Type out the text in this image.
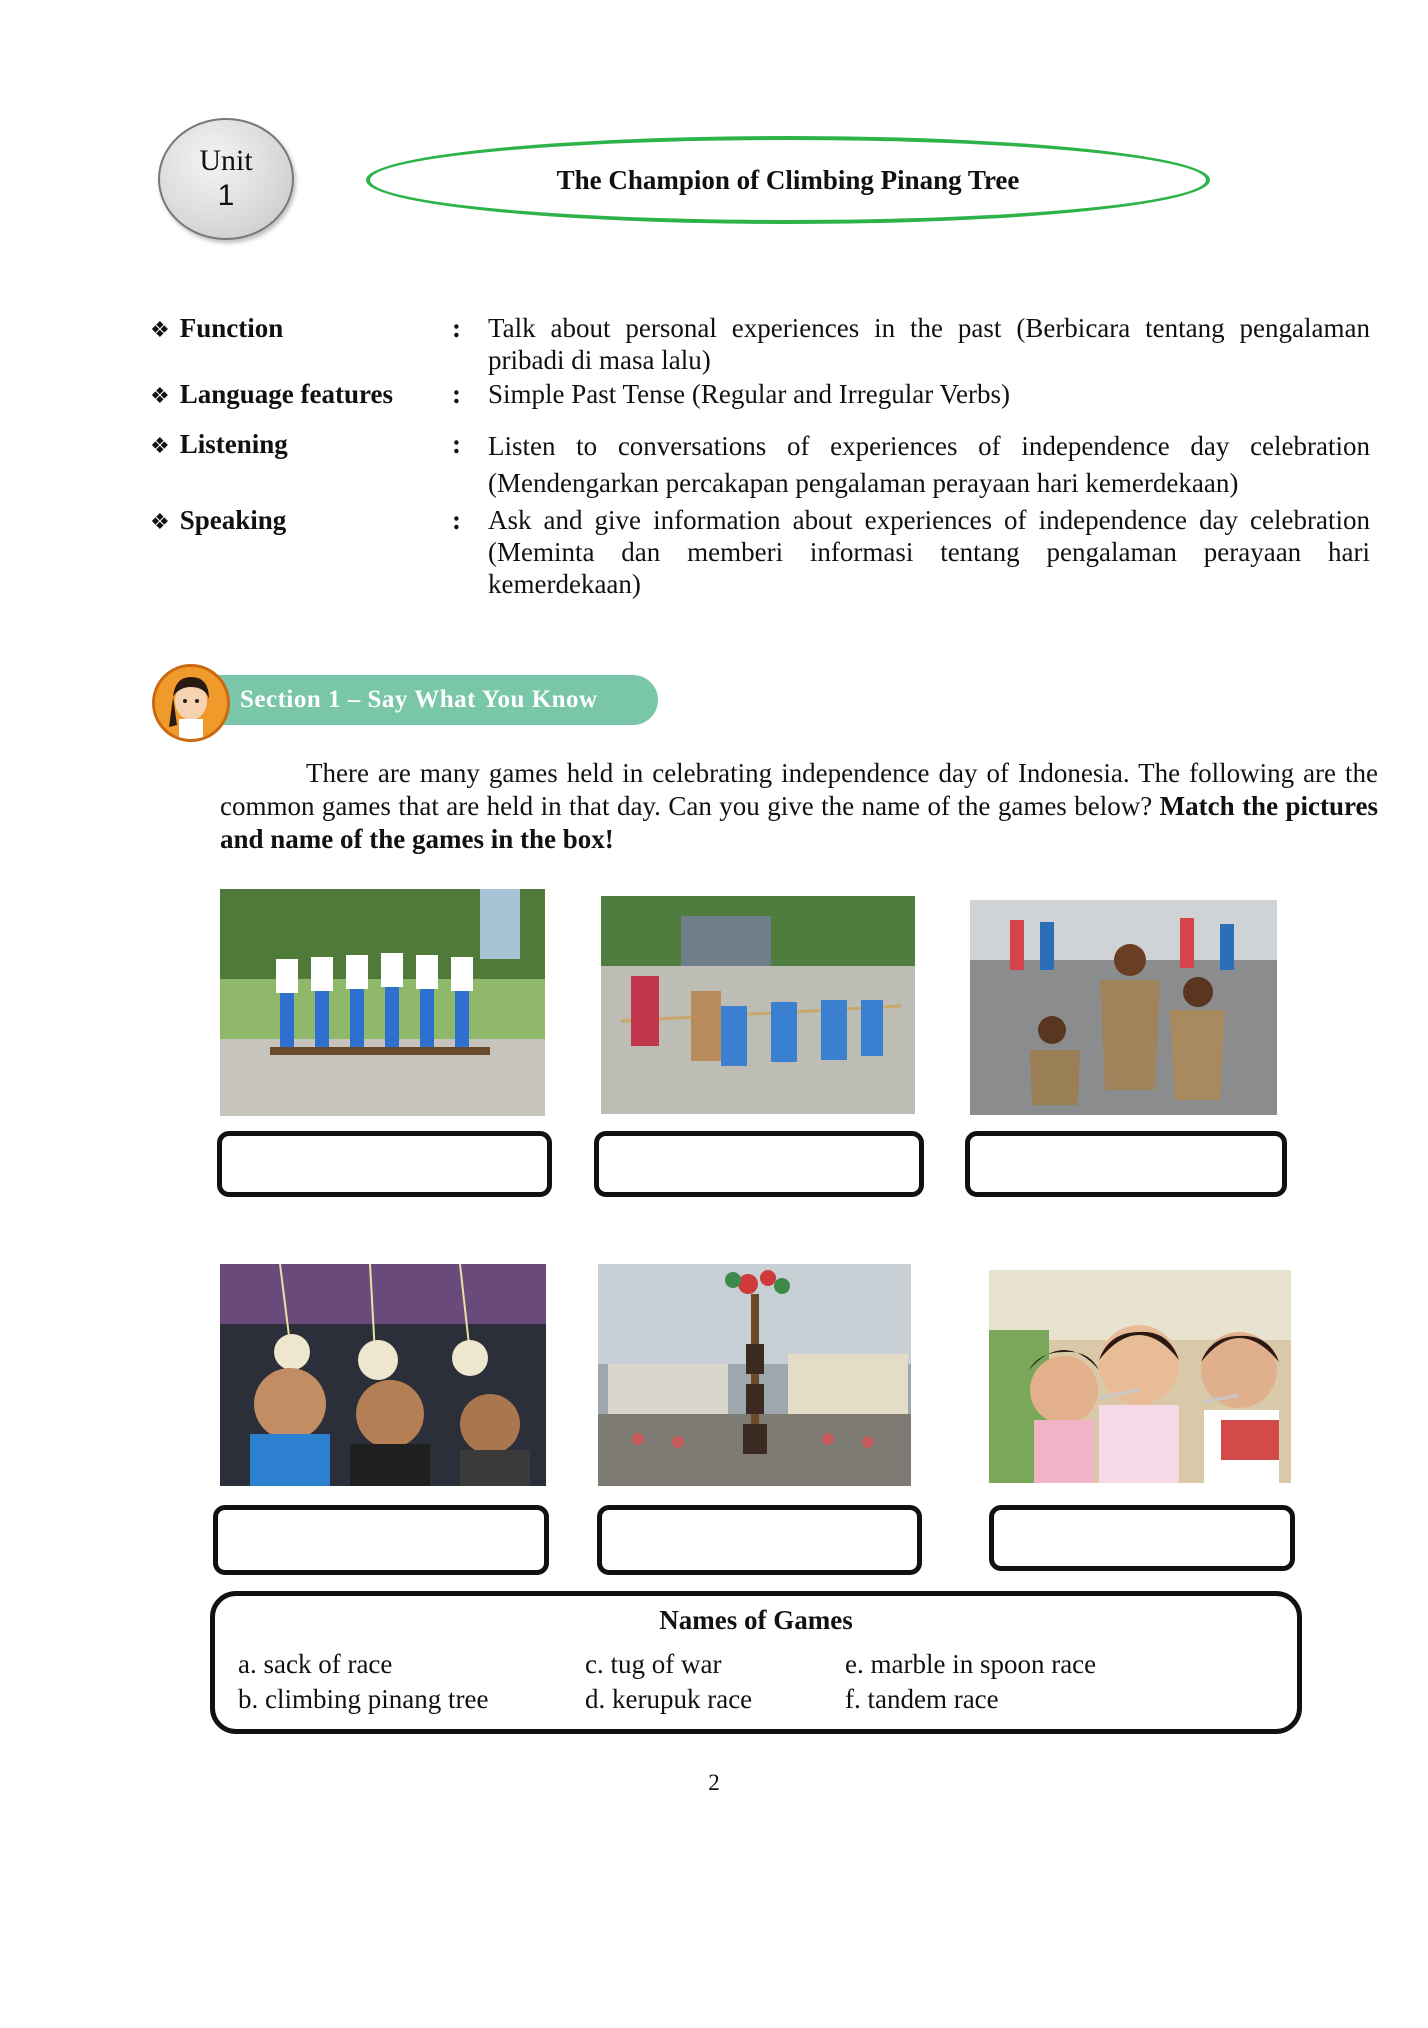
Unit
1	The Champion of Climbing Pinang Tree
❖ Function	: Talk about personal experiences in the past (Berbicara tentang pengalaman pribadi di masa lalu)
❖ Language features : Simple Past Tense (Regular and Irregular Verbs)
❖ Listening	: Listen to conversations of experiences of independence day celebration (Mendengarkan percakapan pengalaman perayaan hari kemerdekaan)
❖ Speaking	: Ask and give information about experiences of independence day celebration (Meminta dan memberi informasi tentang pengalaman perayaan hari kemerdekaan)
Section 1 – Say What You Know

There are many games held in celebrating independence day of Indonesia. The following are the common games that are held in that day. Can you give the name of the games below? Match the pictures and name of the games in the box!

Names of Games
a. sack of race
b. climbing pinang tree
c. tug of war
d. kerupuk race
e. marble in spoon race
f. tandem race
2
